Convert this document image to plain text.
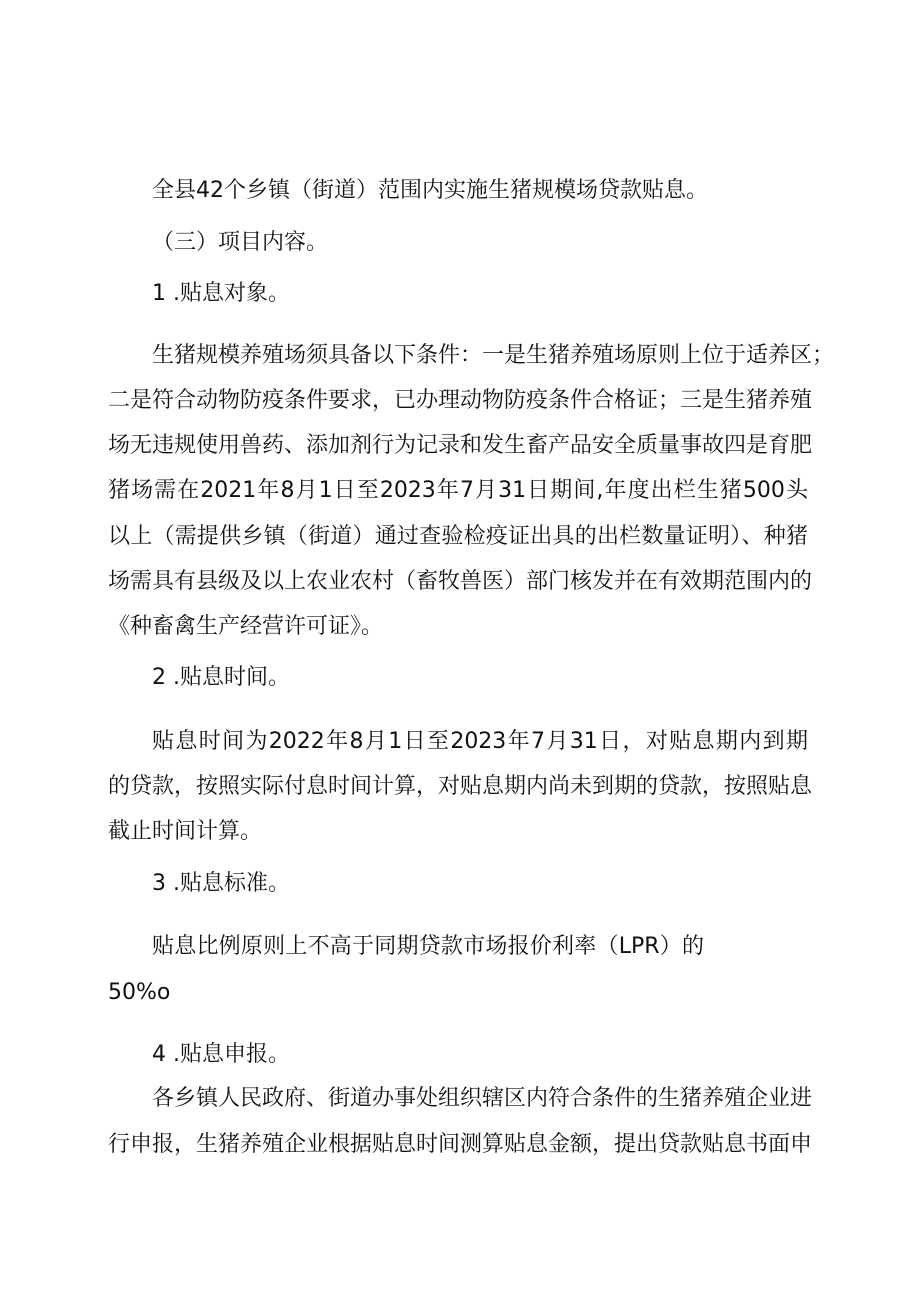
全县42个乡镇（街道）范围内实施生猪规模场贷款贴息。
（三）项目内容。
1 .贴息对象。
生猪规模养殖场须具备以下条件：一是生猪养殖场原则上位于适养区；
二是符合动物防疫条件要求，已办理动物防疫条件合格证；三是生猪养殖
场无违规使用兽药、添加剂行为记录和发生畜产品安全质量事故四是育肥
猪场需在2021年8月1日至2023年7月31日期间,年度出栏生猪500头
以上（需提供乡镇（街道）通过查验检疫证出具的出栏数量证明）、种猪
场需具有县级及以上农业农村（畜牧兽医）部门核发并在有效期范围内的
《种畜禽生产经营许可证》。
2 .贴息时间。
贴息时间为2022年8月1日至2023年7月31日，对贴息期内到期
的贷款，按照实际付息时间计算，对贴息期内尚未到期的贷款，按照贴息
截止时间计算。
3 .贴息标准。
贴息比例原则上不高于同期贷款市场报价利率（LPR）的
50%o
4 .贴息申报。
各乡镇人民政府、街道办事处组织辖区内符合条件的生猪养殖企业进
行申报，生猪养殖企业根据贴息时间测算贴息金额，提出贷款贴息书面申
